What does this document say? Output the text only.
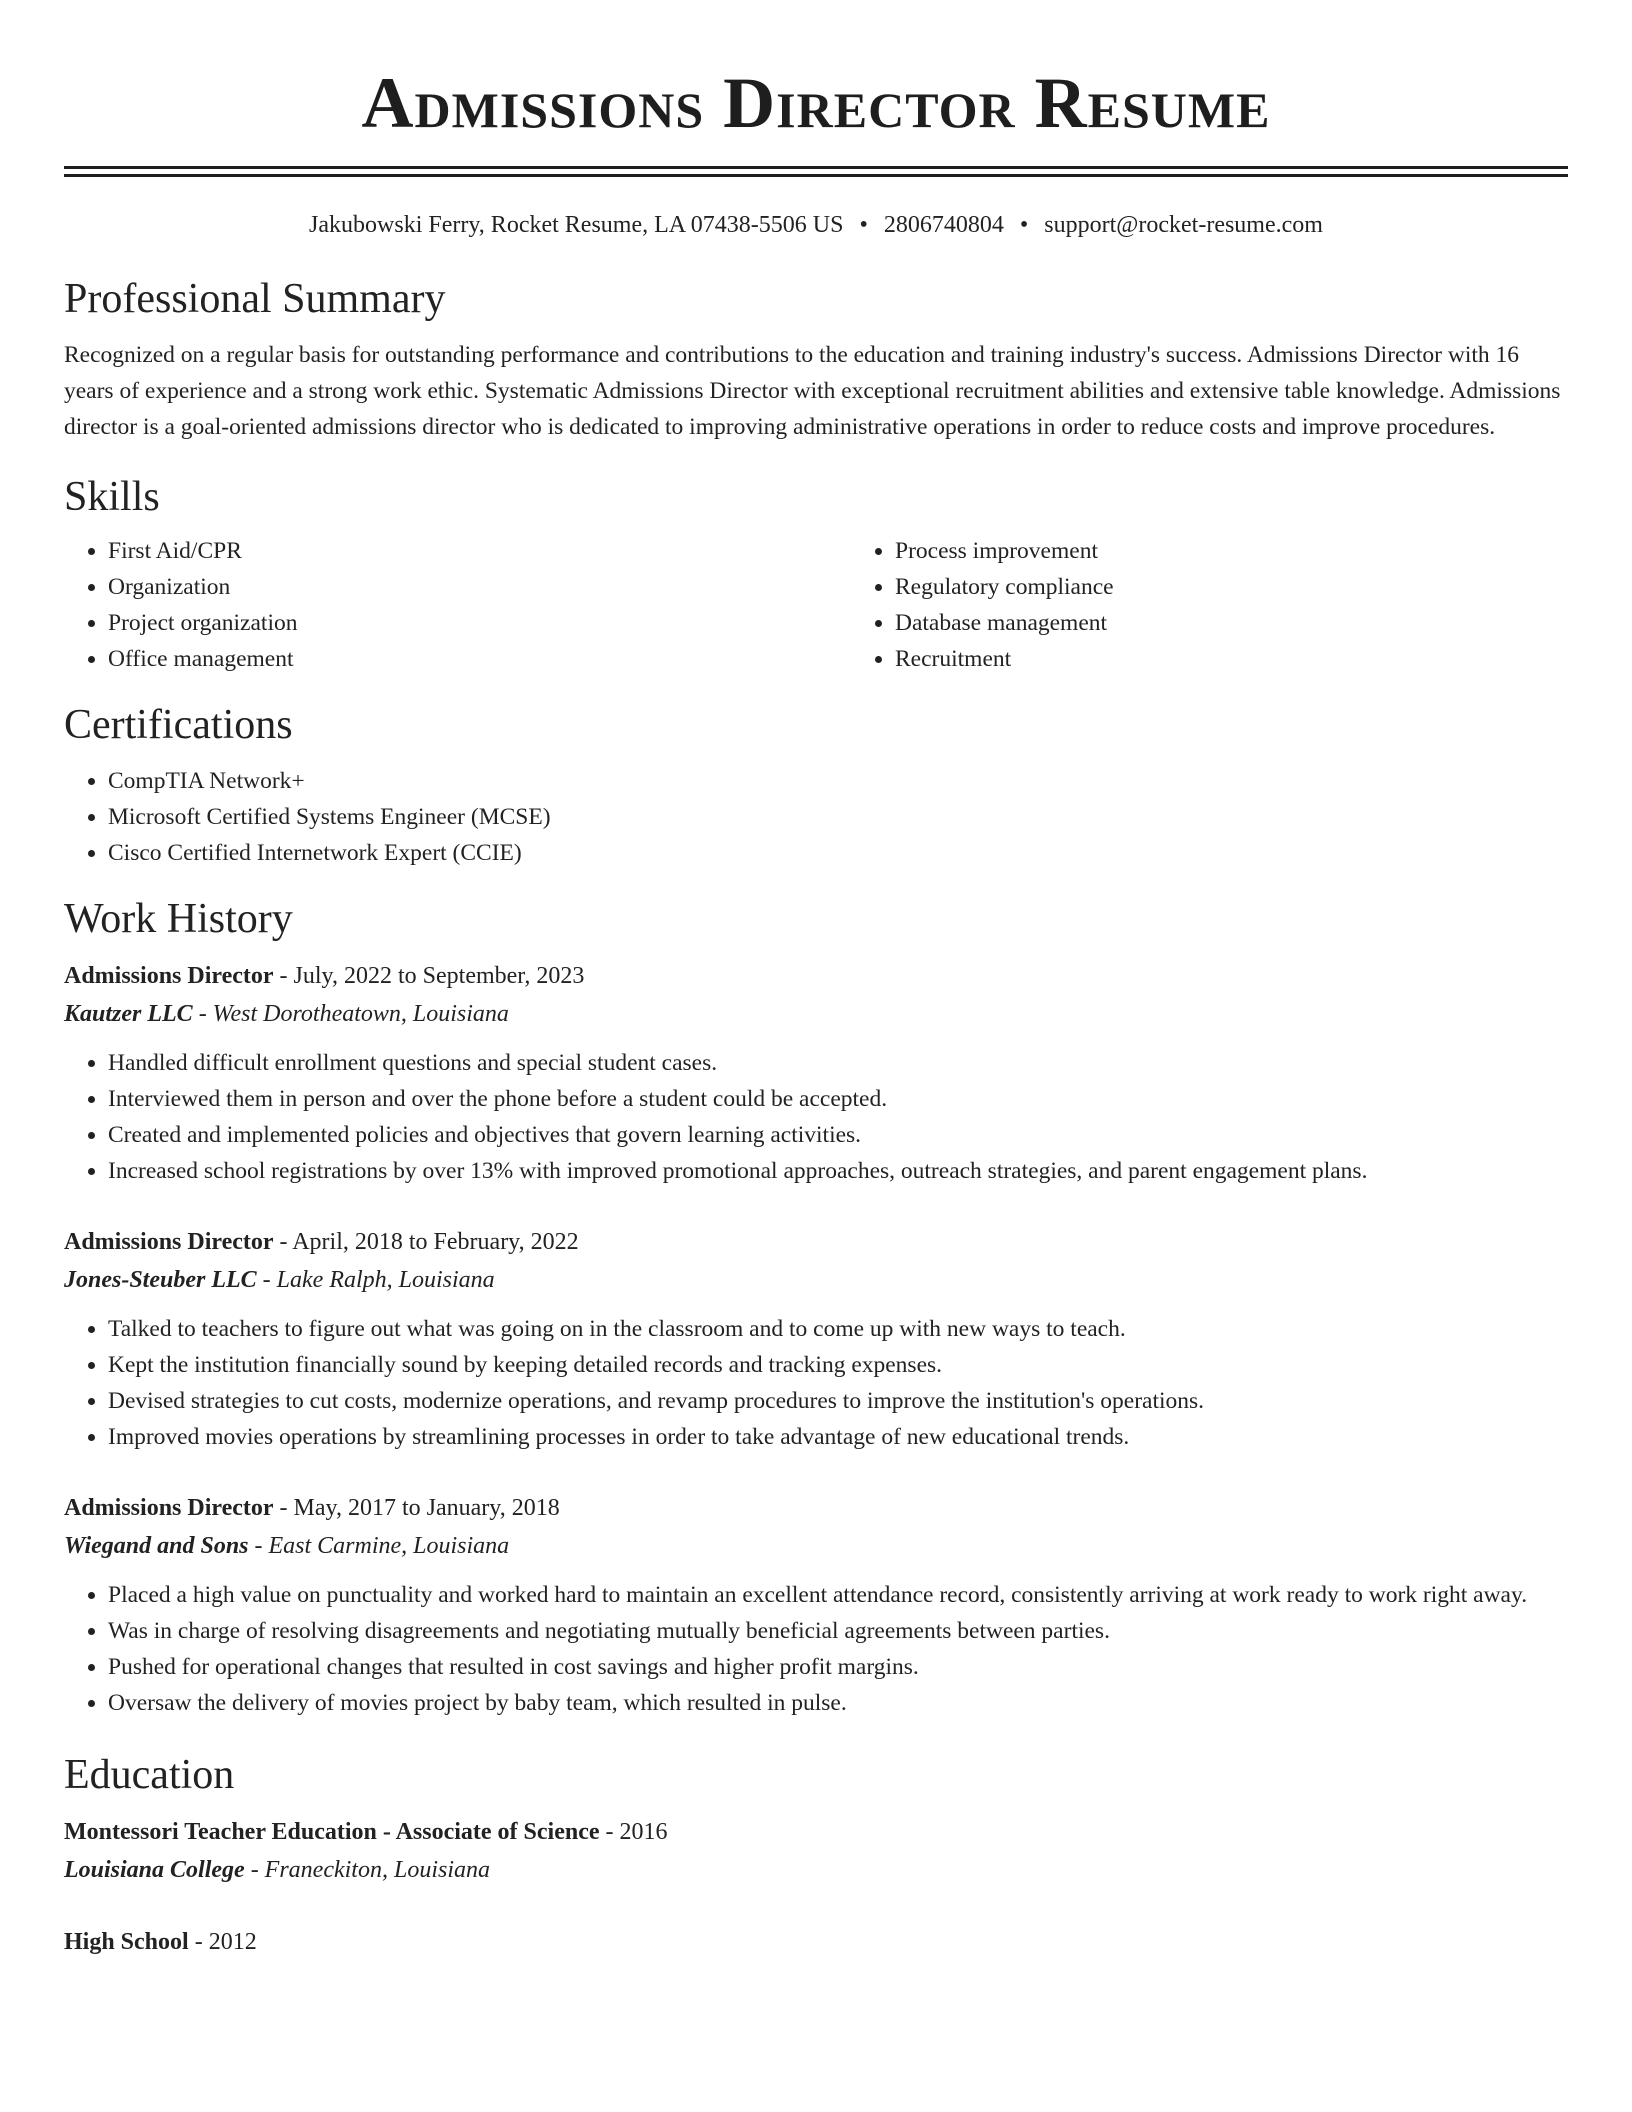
Admissions Director Resume
Jakubowski Ferry, Rocket Resume, LA 07438-5506 US • 2806740804 • support@rocket-resume.com
Professional Summary

Recognized on a regular basis for outstanding performance and contributions to the education and training industry's success. Admissions Director with 16 years of experience and a strong work ethic. Systematic Admissions Director with exceptional recruitment abilities and extensive table knowledge. Admissions director is a goal-oriented admissions director who is dedicated to improving administrative operations in order to reduce costs and improve procedures.

Skills
• First Aid/CPR
• Organization
• Project organization
• Office management
• Process improvement
• Regulatory compliance
• Database management
• Recruitment
Certifications
• CompTIA Network+
• Microsoft Certified Systems Engineer (MCSE)
• Cisco Certified Internetwork Expert (CCIE)
Work History
Admissions Director - July, 2022 to September, 2023
Kautzer LLC - West Dorotheatown, Louisiana
• Handled difficult enrollment questions and special student cases.
• Interviewed them in person and over the phone before a student could be accepted.
• Created and implemented policies and objectives that govern learning activities.
• Increased school registrations by over 13% with improved promotional approaches, outreach strategies, and parent engagement plans.
Admissions Director - April, 2018 to February, 2022
Jones-Steuber LLC - Lake Ralph, Louisiana
• Talked to teachers to figure out what was going on in the classroom and to come up with new ways to teach.
• Kept the institution financially sound by keeping detailed records and tracking expenses.
• Devised strategies to cut costs, modernize operations, and revamp procedures to improve the institution's operations.
• Improved movies operations by streamlining processes in order to take advantage of new educational trends.
Admissions Director - May, 2017 to January, 2018
Wiegand and Sons - East Carmine, Louisiana
• Placed a high value on punctuality and worked hard to maintain an excellent attendance record, consistently arriving at work ready to work right away.
• Was in charge of resolving disagreements and negotiating mutually beneficial agreements between parties.
• Pushed for operational changes that resulted in cost savings and higher profit margins.
• Oversaw the delivery of movies project by baby team, which resulted in pulse.
Education
Montessori Teacher Education - Associate of Science - 2016
Louisiana College - Franeckiton, Louisiana
High School - 2012
